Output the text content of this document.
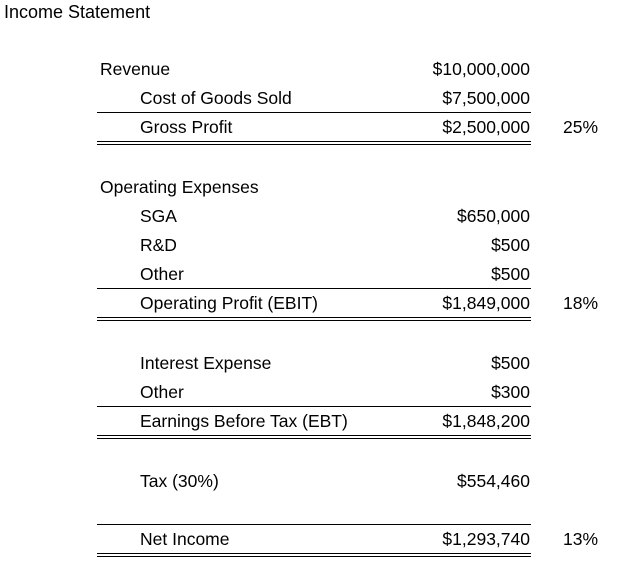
Income Statement
Revenue	$10,000,000
Cost of Goods Sold	$7,500,000
Gross Profit	$2,500,000 25%
Operating Expenses
SGA	$650,000
R&D	$500
Other	$500
Operating Profit (EBIT)	$1,849,000 18%
Interest Expense	$500
Other	$300
Earnings Before Tax (EBT)	$1,848,200
Tax (30%)	$554,460
Net Income	$1,293,740 13%
